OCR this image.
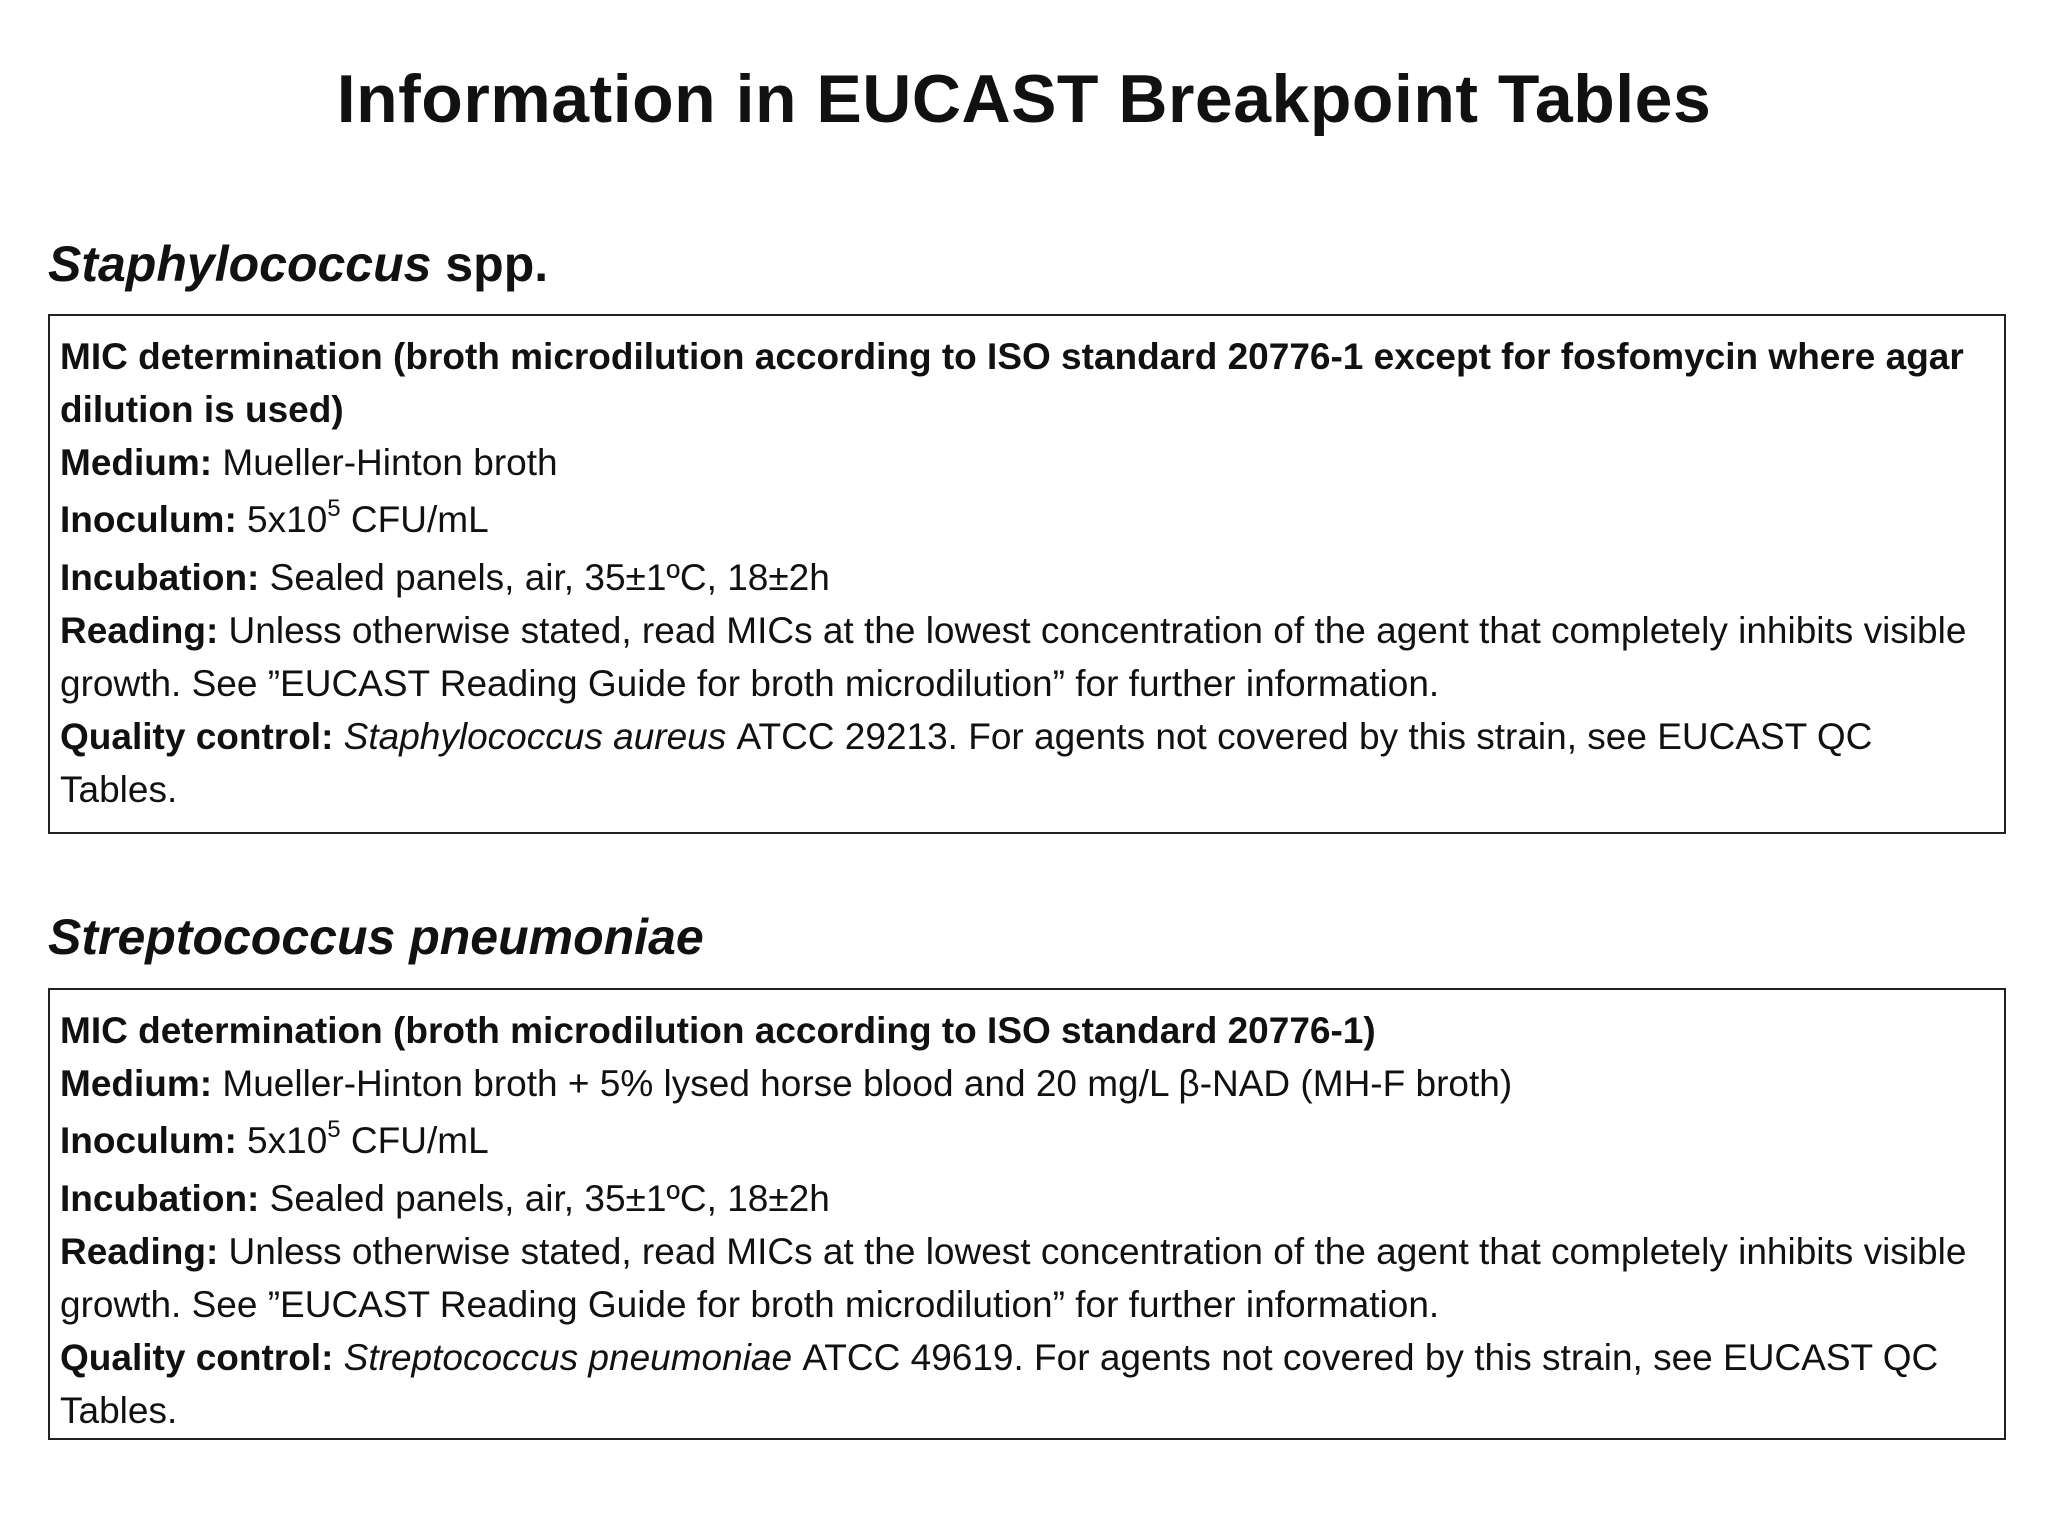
Information in EUCAST Breakpoint Tables
Staphylococcus spp.
MIC determination (broth microdilution according to ISO standard 20776-1 except for fosfomycin where agar dilution is used)
Medium: Mueller-Hinton broth
Inoculum: $5x10^5$ CFU/mL
Incubation: Sealed panels, air, 35±1ºC, 18±2h
Reading: Unless otherwise stated, read MICs at the lowest concentration of the agent that completely inhibits visible growth. See ”EUCAST Reading Guide for broth microdilution” for further information.
Quality control: Staphylococcus aureus ATCC 29213. For agents not covered by this strain, see EUCAST QC Tables.
Streptococcus pneumoniae
MIC determination (broth microdilution according to ISO standard 20776-1)
Medium: Mueller-Hinton broth + 5% lysed horse blood and 20 mg/L β-NAD (MH-F broth)
Inoculum: $5x10^5$ CFU/mL
Incubation: Sealed panels, air, 35±1ºC, 18±2h
Reading: Unless otherwise stated, read MICs at the lowest concentration of the agent that completely inhibits visible growth. See ”EUCAST Reading Guide for broth microdilution” for further information.
Quality control: Streptococcus pneumoniae ATCC 49619. For agents not covered by this strain, see EUCAST QC Tables.
